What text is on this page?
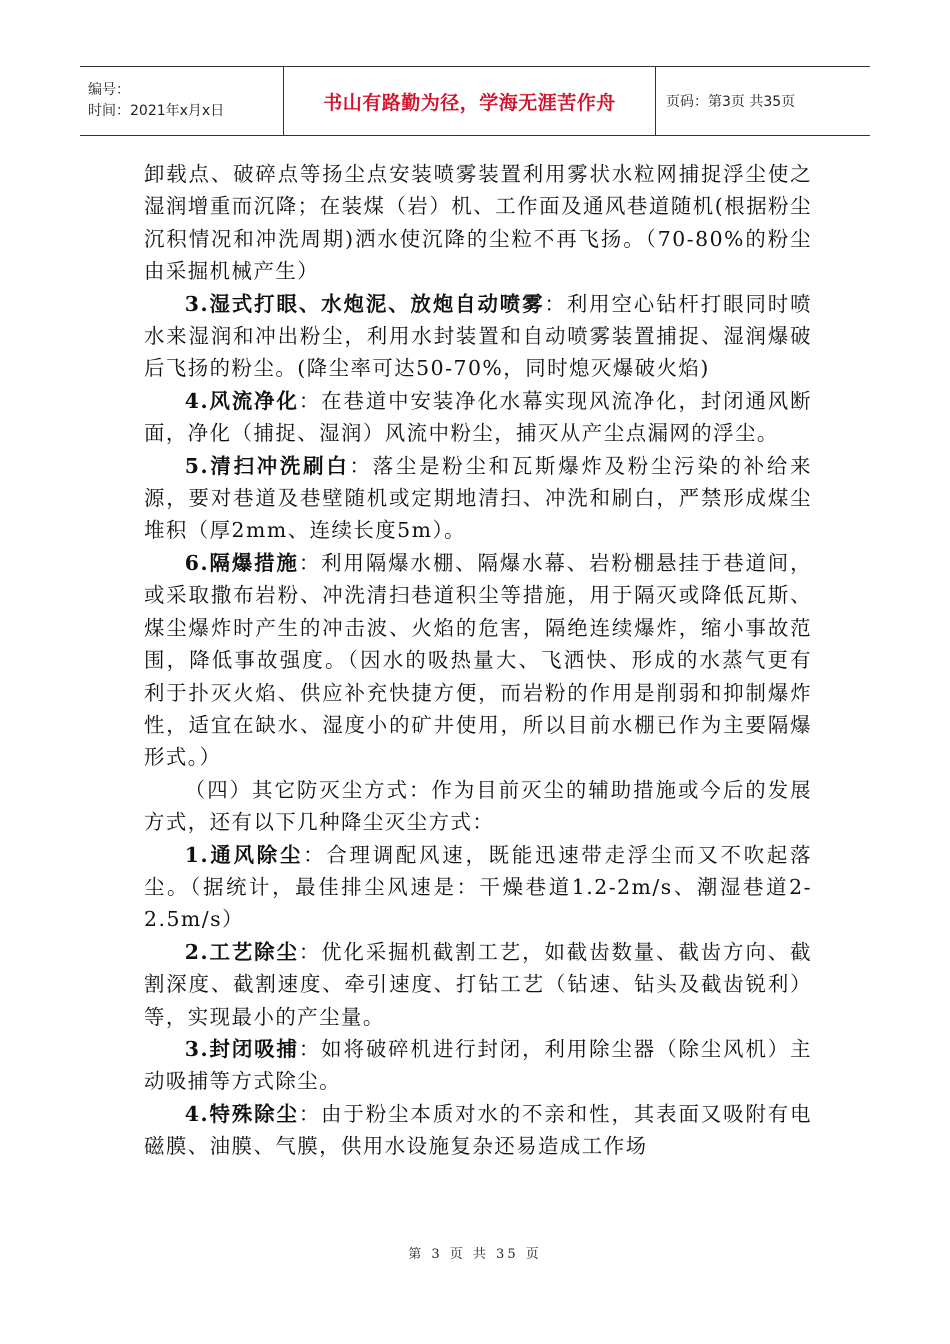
编号：
时间：2021年x月x日	书山有路勤为径，学海无涯苦作舟	页码：第3页 共35页

卸载点、破碎点等扬尘点安装喷雾装置利用雾状水粒网捕捉浮尘使之湿润增重而沉降；在装煤（岩）机、工作面及通风巷道随机(根据粉尘沉积情况和冲洗周期)洒水使沉降的尘粒不再飞扬。（70-80%的粉尘由采掘机械产生）

3.湿式打眼、水炮泥、放炮自动喷雾：利用空心钻杆打眼同时喷水来湿润和冲出粉尘，利用水封装置和自动喷雾装置捕捉、湿润爆破后飞扬的粉尘。(降尘率可达50-70%，同时熄灭爆破火焰)

4.风流净化：在巷道中安装净化水幕实现风流净化，封闭通风断面，净化（捕捉、湿润）风流中粉尘，捕灭从产尘点漏网的浮尘。

5.清扫冲洗刷白：落尘是粉尘和瓦斯爆炸及粉尘污染的补给来源，要对巷道及巷壁随机或定期地清扫、冲洗和刷白，严禁形成煤尘堆积（厚2mm、连续长度5m）。

6.隔爆措施：利用隔爆水棚、隔爆水幕、岩粉棚悬挂于巷道间，或采取撒布岩粉、冲洗清扫巷道积尘等措施，用于隔灭或降低瓦斯、煤尘爆炸时产生的冲击波、火焰的危害，隔绝连续爆炸，缩小事故范围，降低事故强度。（因水的吸热量大、飞洒快、形成的水蒸气更有利于扑灭火焰、供应补充快捷方便，而岩粉的作用是削弱和抑制爆炸性，适宜在缺水、湿度小的矿井使用，所以目前水棚已作为主要隔爆形式。）

（四）其它防灭尘方式：作为目前灭尘的辅助措施或今后的发展方式，还有以下几种降尘灭尘方式：

1.通风除尘：合理调配风速，既能迅速带走浮尘而又不吹起落尘。（据统计，最佳排尘风速是：干燥巷道1.2-2m/s、潮湿巷道2-2.5m/s）

2.工艺除尘：优化采掘机截割工艺，如截齿数量、截齿方向、截割深度、截割速度、牵引速度、打钻工艺（钻速、钻头及截齿锐利）等，实现最小的产尘量。

3.封闭吸捕：如将破碎机进行封闭，利用除尘器（除尘风机）主动吸捕等方式除尘。

4.特殊除尘：由于粉尘本质对水的不亲和性，其表面又吸附有电磁膜、油膜、气膜，供用水设施复杂还易造成工作场

第 3 页 共 35 页
